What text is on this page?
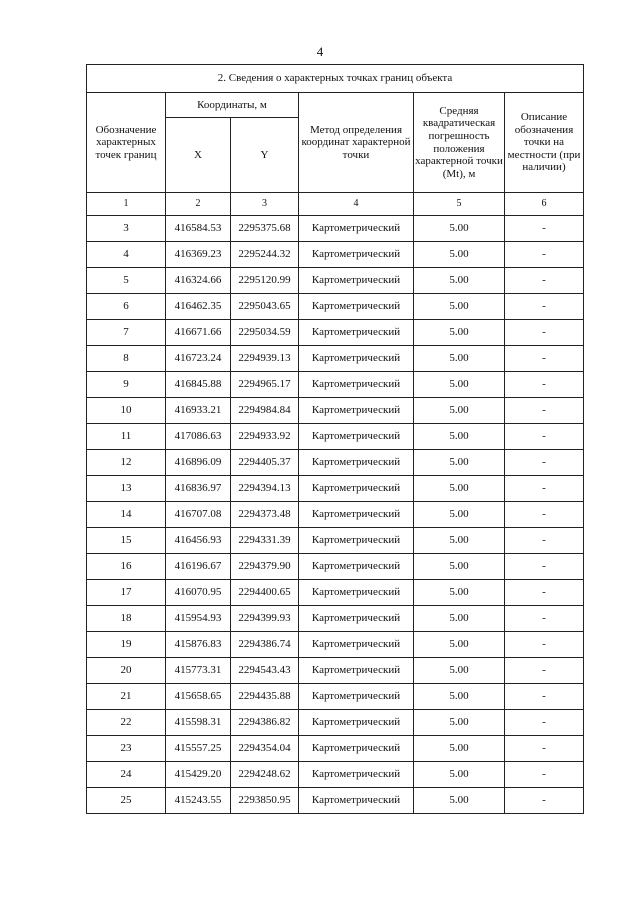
4
2. Сведения о характерных точках границ объекта					
Обозначение характерных точек границ	Координаты, м		Метод определения координат характерной точки	Средняя квадратическая погрешность положения характерной точки (Mt), м	Описание обозначения точки на местности (при наличии)
	X	Y			
1	2	3	4	5	6
3	416584.53	2295375.68	Картометрический	5.00	-
4	416369.23	2295244.32	Картометрический	5.00	-
5	416324.66	2295120.99	Картометрический	5.00	-
6	416462.35	2295043.65	Картометрический	5.00	-
7	416671.66	2295034.59	Картометрический	5.00	-
8	416723.24	2294939.13	Картометрический	5.00	-
9	416845.88	2294965.17	Картометрический	5.00	-
10	416933.21	2294984.84	Картометрический	5.00	-
11	417086.63	2294933.92	Картометрический	5.00	-
12	416896.09	2294405.37	Картометрический	5.00	-
13	416836.97	2294394.13	Картометрический	5.00	-
14	416707.08	2294373.48	Картометрический	5.00	-
15	416456.93	2294331.39	Картометрический	5.00	-
16	416196.67	2294379.90	Картометрический	5.00	-
17	416070.95	2294400.65	Картометрический	5.00	-
18	415954.93	2294399.93	Картометрический	5.00	-
19	415876.83	2294386.74	Картометрический	5.00	-
20	415773.31	2294543.43	Картометрический	5.00	-
21	415658.65	2294435.88	Картометрический	5.00	-
22	415598.31	2294386.82	Картометрический	5.00	-
23	415557.25	2294354.04	Картометрический	5.00	-
24	415429.20	2294248.62	Картометрический	5.00	-
25	415243.55	2293850.95	Картометрический	5.00	-
